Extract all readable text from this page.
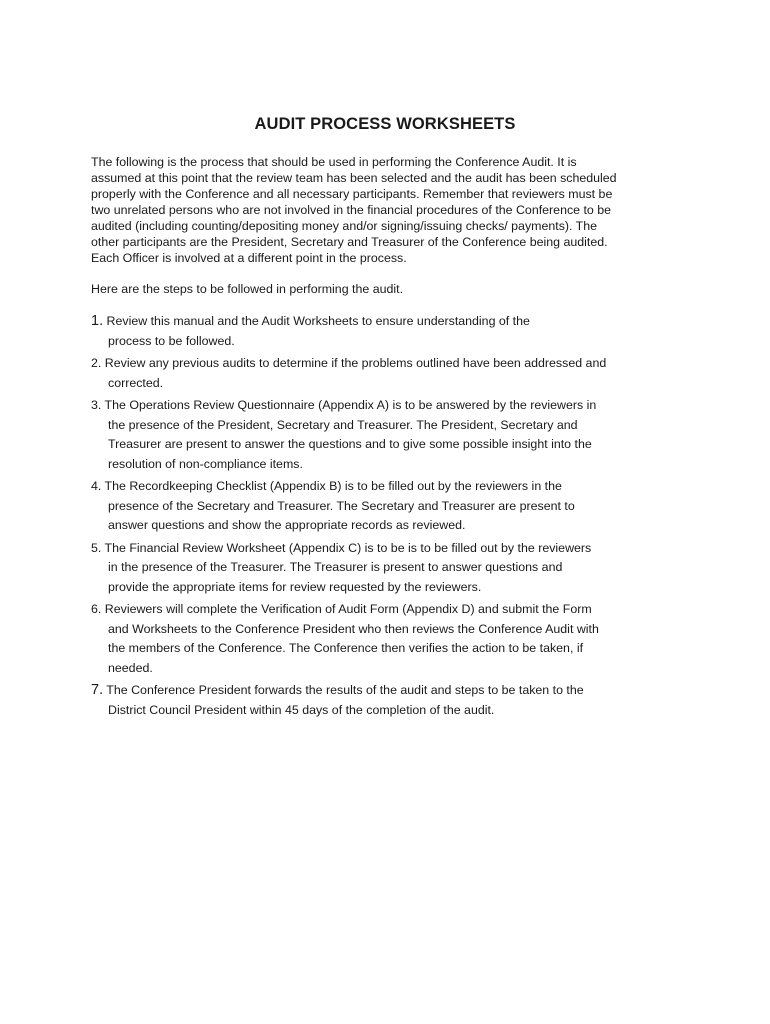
AUDIT PROCESS WORKSHEETS

The following is the process that should be used in performing the Conference Audit. It is
assumed at this point that the review team has been selected and the audit has been scheduled
properly with the Conference and all necessary participants. Remember that reviewers must be
two unrelated persons who are not involved in the financial procedures of the Conference to be
audited (including counting/depositing money and/or signing/issuing checks/ payments). The
other participants are the President, Secretary and Treasurer of the Conference being audited.
Each Officer is involved at a different point in the process.

Here are the steps to be followed in performing the audit.

1. Review this manual and the Audit Worksheets to ensure understanding of the
process to be followed.
2. Review any previous audits to determine if the problems outlined have been addressed and
corrected.
3. The Operations Review Questionnaire (Appendix A) is to be answered by the reviewers in
the presence of the President, Secretary and Treasurer. The President, Secretary and
Treasurer are present to answer the questions and to give some possible insight into the
resolution of non-compliance items.
4. The Recordkeeping Checklist (Appendix B) is to be filled out by the reviewers in the
presence of the Secretary and Treasurer. The Secretary and Treasurer are present to
answer questions and show the appropriate records as reviewed.
5. The Financial Review Worksheet (Appendix C) is to be is to be filled out by the reviewers
in the presence of the Treasurer. The Treasurer is present to answer questions and
provide the appropriate items for review requested by the reviewers.
6. Reviewers will complete the Verification of Audit Form (Appendix D) and submit the Form
and Worksheets to the Conference President who then reviews the Conference Audit with
the members of the Conference. The Conference then verifies the action to be taken, if
needed.
7. The Conference President forwards the results of the audit and steps to be taken to the
District Council President within 45 days of the completion of the audit.
